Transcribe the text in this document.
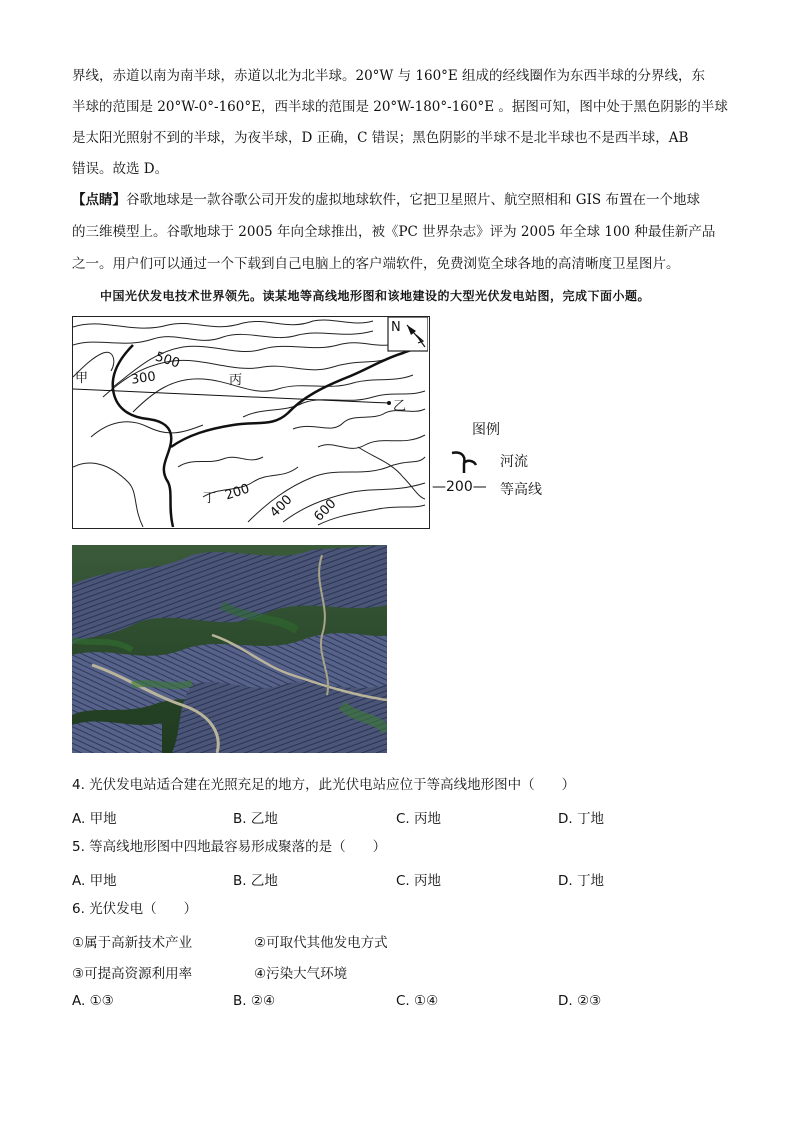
界线，赤道以南为南半球，赤道以北为北半球。20°W 与 160°E 组成的经线圈作为东西半球的分界线，东
半球的范围是 20°W-0°-160°E，西半球的范围是 20°W-180°-160°E 。据图可知，图中处于黑色阴影的半球
是太阳光照射不到的半球，为夜半球，D 正确，C 错误；黑色阴影的半球不是北半球也不是西半球，AB
错误。故选 D。
【点睛】谷歌地球是一款谷歌公司开发的虚拟地球软件，它把卫星照片、航空照相和 GIS 布置在一个地球
的三维模型上。谷歌地球于 2005 年向全球推出，被《PC 世界杂志》评为 2005 年全球 100 种最佳新产品
之一。用户们可以通过一个下载到自己电脑上的客户端软件，免费浏览全球各地的高清晰度卫星图片。
中国光伏发电技术世界领先。读某地等高线地形图和该地建设的大型光伏发电站图，完成下面小题。
N
甲	丙
乙
丁
500
300
200 400 600
图例
河流
—200— 等高线
4. 光伏发电站适合建在光照充足的地方，此光伏电站应位于等高线地形图中（　　）
A. 甲地	B. 乙地	C. 丙地	D. 丁地
5. 等高线地形图中四地最容易形成聚落的是（　　）
A. 甲地	B. 乙地	C. 丙地	D. 丁地
6. 光伏发电（　　）
①属于高新技术产业	②可取代其他发电方式
③可提高资源利用率	④污染大气环境
A. ①③	B. ②④	C. ①④	D. ②③
